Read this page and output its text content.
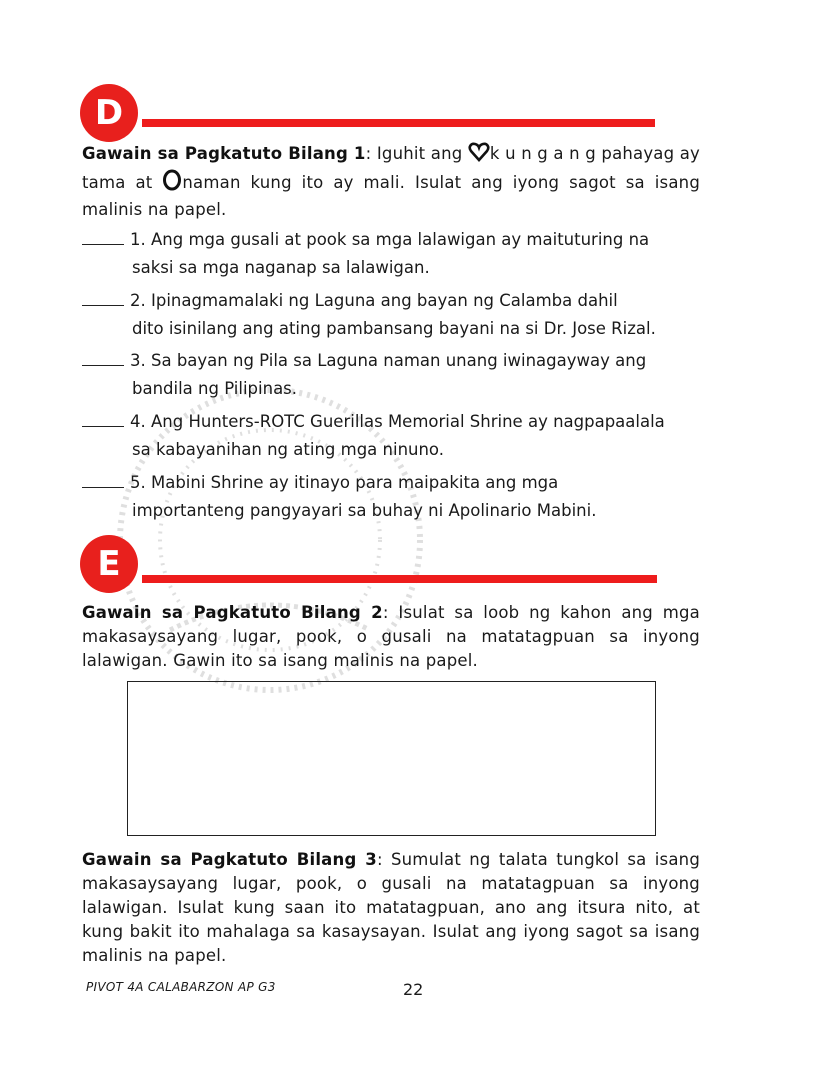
D
Gawain sa Pagkatuto Bilang 1: Iguhit ang k u n g a n g pahayag ay tama at naman kung ito ay mali. Isulat ang iyong sagot sa isang malinis na papel.
1. Ang mga gusali at pook sa mga lalawigan ay maituturing na
saksi sa mga naganap sa lalawigan.
2. Ipinagmamalaki ng Laguna ang bayan ng Calamba dahil
dito isinilang ang ating pambansang bayani na si Dr. Jose Rizal.
3. Sa bayan ng Pila sa Laguna naman unang iwinagayway ang
bandila ng Pilipinas.
4. Ang Hunters-ROTC Guerillas Memorial Shrine ay nagpapaalala
sa kabayanihan ng ating mga ninuno.
5. Mabini Shrine ay itinayo para maipakita ang mga
importanteng pangyayari sa buhay ni Apolinario Mabini.
E
Gawain sa Pagkatuto Bilang 2: Isulat sa loob ng kahon ang mga makasaysayang lugar, pook, o gusali na matatagpuan sa inyong lalawigan. Gawin ito sa isang malinis na papel.
Gawain sa Pagkatuto Bilang 3: Sumulat ng talata tungkol sa isang makasaysayang lugar, pook, o gusali na matatagpuan sa inyong lalawigan. Isulat kung saan ito matatagpuan, ano ang itsura nito, at kung bakit ito mahalaga sa kasaysayan. Isulat ang iyong sagot sa isang malinis na papel.
PIVOT 4A CALABARZON AP G3	22
